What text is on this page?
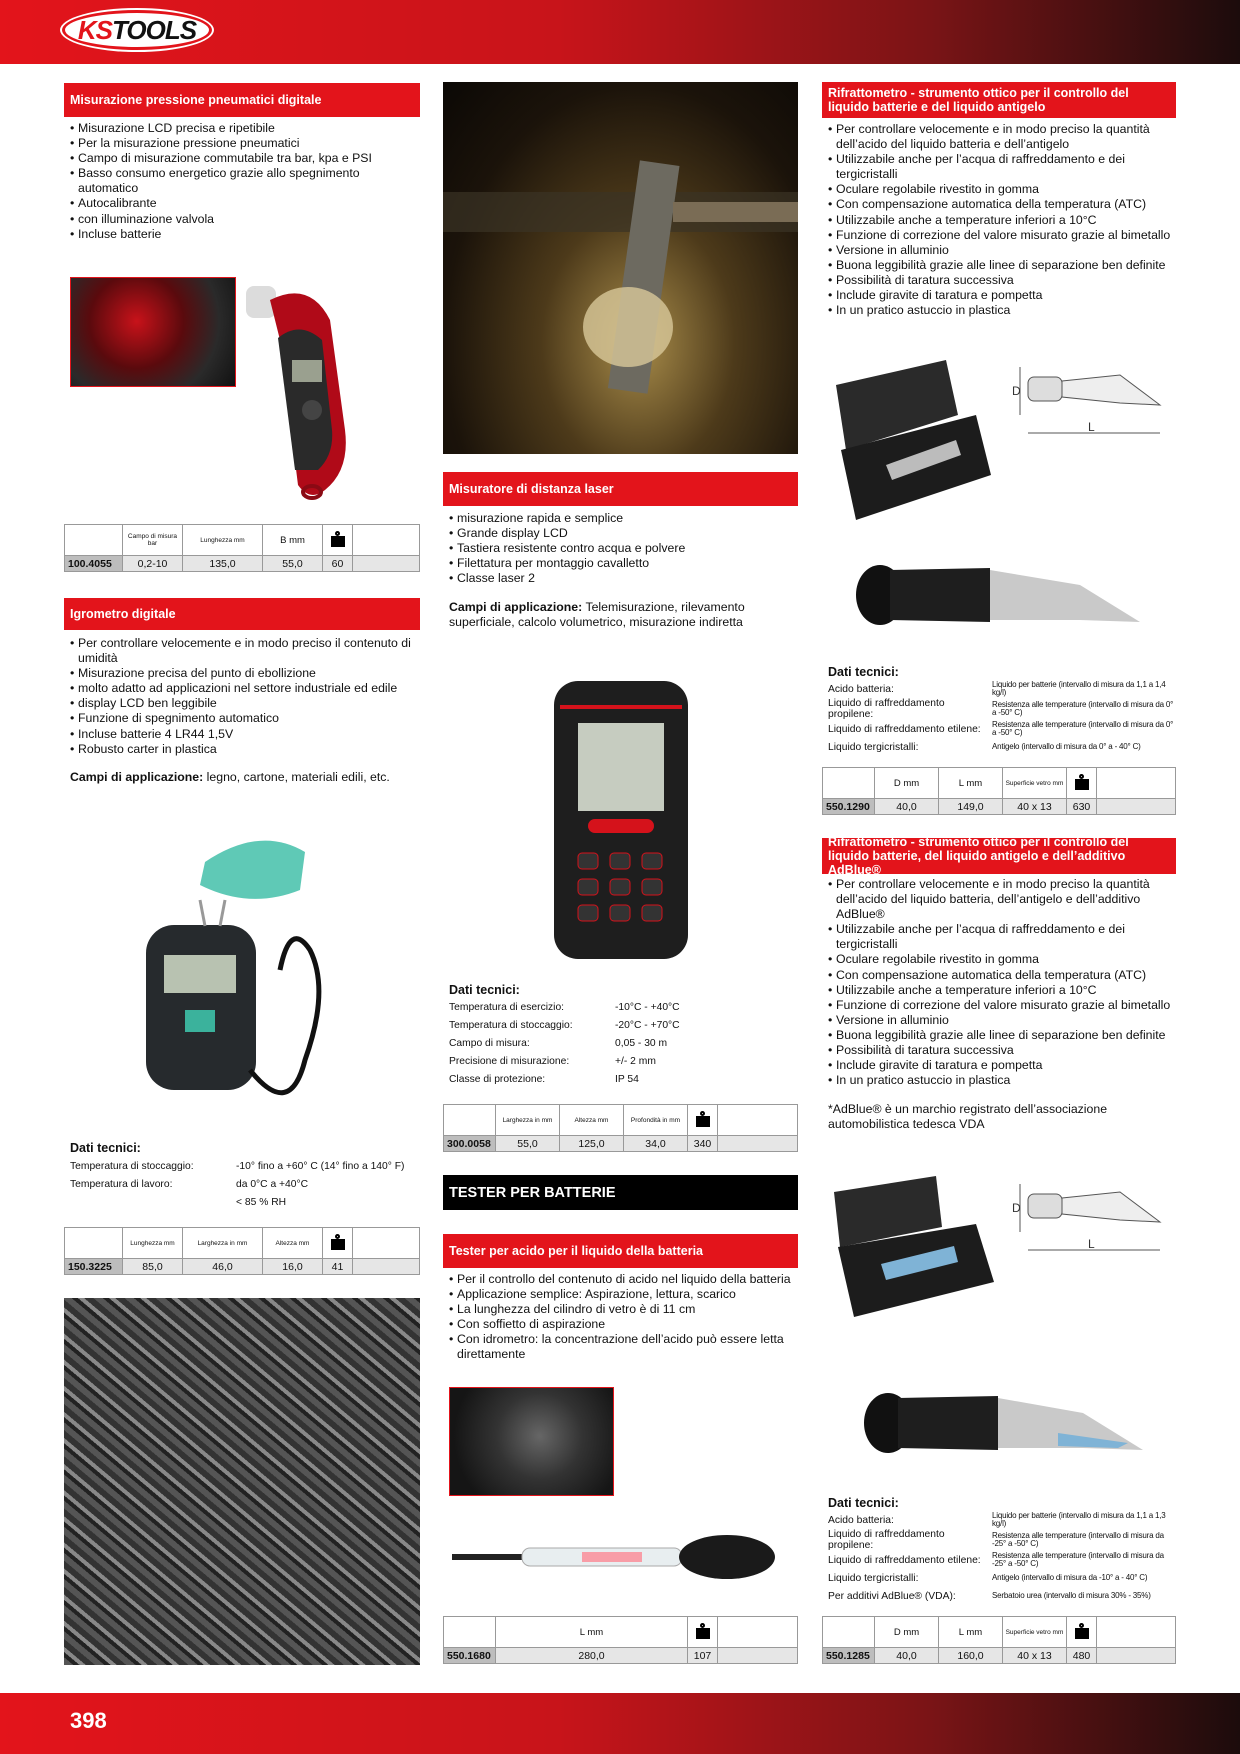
KSTOOLS
Misurazione pressione pneumatici digitale
• Misurazione LCD precisa e ripetibile
• Per la misurazione pressione pneumatici
• Campo di misurazione commutabile tra bar, kpa e PSI
• Basso consumo energetico grazie allo spegnimento automatico
• Autocalibrante
• con illuminazione valvola
• Incluse batterie
	Campo di misura bar	Lunghezza mm	B mm		
100.4055	0,2-10	135,0	55,0	60	
Igrometro digitale
• Per controllare velocemente e in modo preciso il contenuto di umidità
• Misurazione precisa del punto di ebollizione
• molto adatto ad applicazioni nel settore industriale ed edile
• display LCD ben leggibile
• Funzione di spegnimento automatico
• Incluse batterie 4 LR44 1,5V
• Robusto carter in plastica
Campi di applicazione: legno, cartone, materiali edili, etc.
Dati tecnici:
Temperatura di stoccaggio:	-10° fino a +60° C (14° fino a 140° F)
Temperatura di lavoro:	da 0°C a +40°C
	< 85 % RH
	Lunghezza mm	Larghezza in mm	Altezza mm		
150.3225	85,0	46,0	16,0	41	
Misuratore di distanza laser
• misurazione rapida e semplice
• Grande display LCD
• Tastiera resistente contro acqua e polvere
• Filettatura per montaggio cavalletto
• Classe laser 2
Campi di applicazione: Telemisurazione, rilevamento superficiale, calcolo volumetrico, misurazione indiretta
Dati tecnici:
Temperatura di esercizio:	-10°C - +40°C
Temperatura di stoccaggio:	-20°C - +70°C
Campo di misura:	0,05 - 30 m
Precisione di misurazione:	+/- 2 mm
Classe di protezione:	IP 54
	Larghezza in mm	Altezza mm	Profondità in mm		
300.0058	55,0	125,0	34,0	340	
TESTER PER BATTERIE
Tester per acido per il liquido della batteria
• Per il controllo del contenuto di acido nel liquido della batteria
• Applicazione semplice: Aspirazione, lettura, scarico
• La lunghezza del cilindro di vetro è di 11 cm
• Con soffietto di aspirazione
• Con idrometro: la concentrazione dell’acido può essere letta direttamente
	L mm		
550.1680	280,0	107	
Rifrattometro - strumento ottico per il controllo del liquido batterie e del liquido antigelo
• Per controllare velocemente e in modo preciso la quantità dell’acido del liquido batteria e dell’antigelo
• Utilizzabile anche per l’acqua di raffreddamento e dei tergicristalli
• Oculare regolabile rivestito in gomma
• Con compensazione automatica della temperatura (ATC)
• Utilizzabile anche a temperature inferiori a 10°C
• Funzione di correzione del valore misurato grazie al bimetallo
• Versione in alluminio
• Buona leggibilità grazie alle linee di separazione ben definite
• Possibilità di taratura successiva
• Include giravite di taratura e pompetta
• In un pratico astuccio in plastica
D
L
Dati tecnici:
Acido batteria:	Liquido per batterie (intervallo di misura da 1,1 a 1,4 kg/l)
Liquido di raffreddamento propilene:	Resistenza alle temperature (intervallo di misura da 0° a -50° C)
Liquido di raffreddamento etilene:	Resistenza alle temperature (intervallo di misura da 0° a -50° C)
Liquido tergicristalli:	Antigelo (intervallo di misura da 0° a - 40° C)
	D mm	L mm	Superficie vetro mm		
550.1290	40,0	149,0	40 x 13	630	
Rifrattometro - strumento ottico per il controllo del liquido batterie, del liquido antigelo e dell’additivo AdBlue®
• Per controllare velocemente e in modo preciso la quantità dell’acido del liquido batteria, dell’antigelo e dell’additivo AdBlue®
• Utilizzabile anche per l’acqua di raffreddamento e dei tergicristalli
• Oculare regolabile rivestito in gomma
• Con compensazione automatica della temperatura (ATC)
• Utilizzabile anche a temperature inferiori a 10°C
• Funzione di correzione del valore misurato grazie al bimetallo
• Versione in alluminio
• Buona leggibilità grazie alle linee di separazione ben definite
• Possibilità di taratura successiva
• Include giravite di taratura e pompetta
• In un pratico astuccio in plastica
*AdBlue® è un marchio registrato dell’associazione automobilistica tedesca VDA
D
L
Dati tecnici:
Acido batteria:	Liquido per batterie (intervallo di misura da 1,1 a 1,3 kg/l)
Liquido di raffreddamento propilene:	Resistenza alle temperature (intervallo di misura da -25° a -50° C)
Liquido di raffreddamento etilene:	Resistenza alle temperature (intervallo di misura da -25° a -50° C)
Liquido tergicristalli:	Antigelo (intervallo di misura da -10° a - 40° C)
Per additivi AdBlue® (VDA):	Serbatoio urea (intervallo di misura 30% - 35%)
	D mm	L mm	Superficie vetro mm		
550.1285	40,0	160,0	40 x 13	480	
398
